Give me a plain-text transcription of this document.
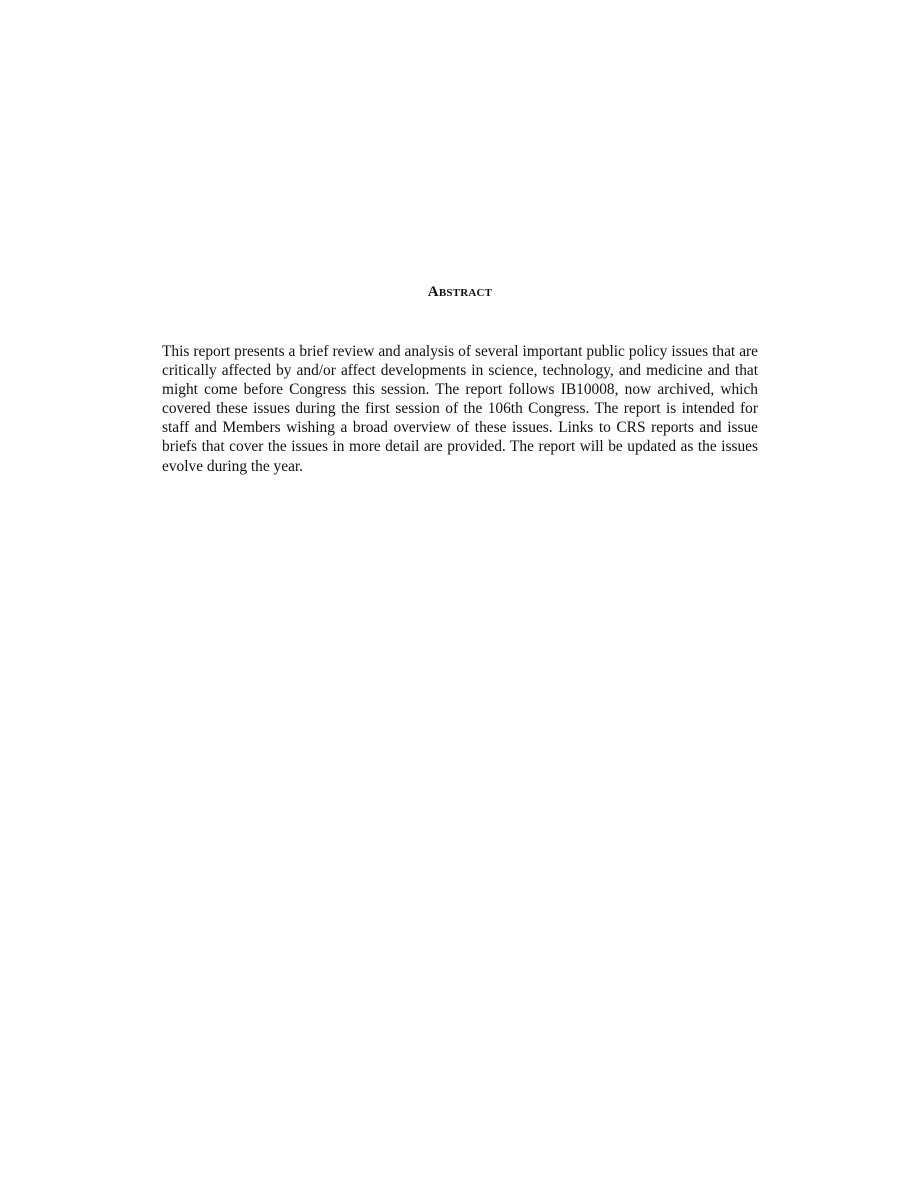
Abstract

This report presents a brief review and analysis of several important public policy issues that are critically affected by and/or affect developments in science, technology, and medicine and that might come before Congress this session. The report follows IB10008, now archived, which covered these issues during the first session of the 106th Congress. The report is intended for staff and Members wishing a broad overview of these issues. Links to CRS reports and issue briefs that cover the issues in more detail are provided. The report will be updated as the issues evolve during the year.
